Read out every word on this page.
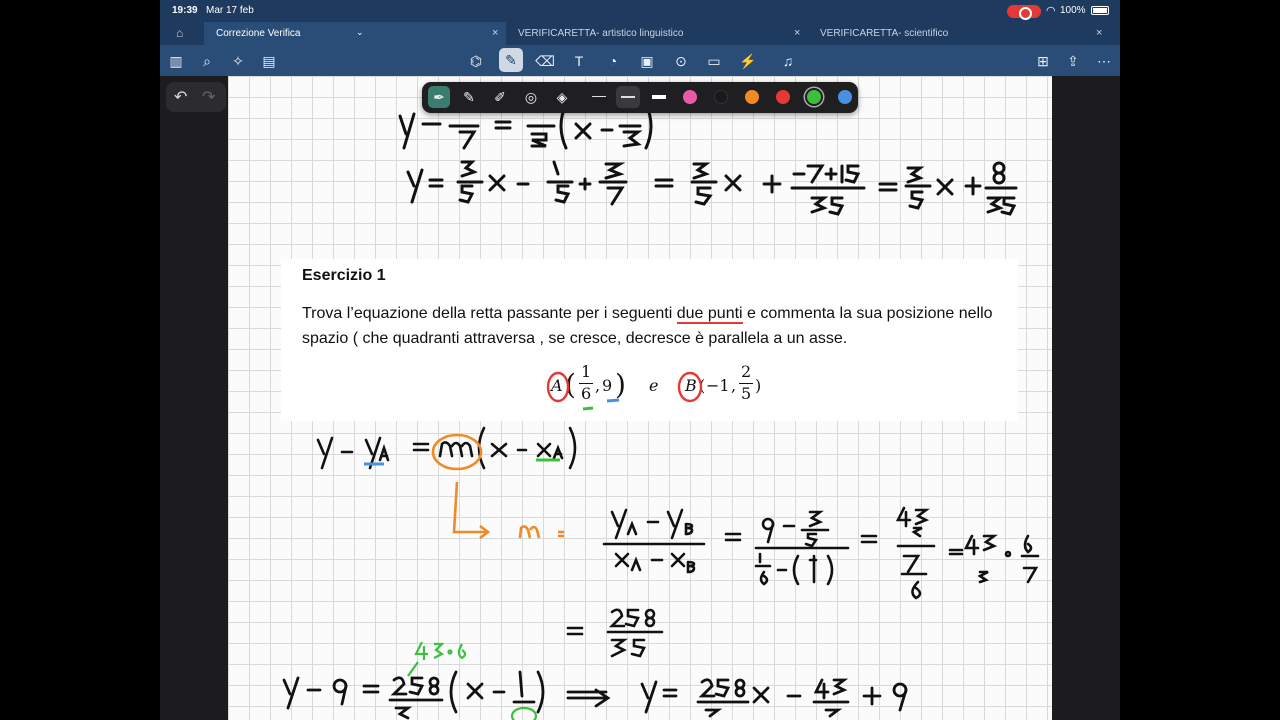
19:39 Mar 17 feb	◠ 100%
⌂	Correzione Verifica	⌄	× VERIFICARETTA- artistico linguistico	× VERIFICARETTA- scientifico	×
▥	⌕	✧ ▤	⌬	✎	⌫	T	◔	▣ ⊙ ▭ ⚡	♫	⊞ ⇪ ⋯
↶ ↷
Esercizio 1
Trova l’equazione della retta passante per i seguenti due punti e commenta la sua posizione nello spazio ( che quadranti attraversa , se cresce, decresce è parallela a un asse.
A ( 1
6 , 9 ) e B ( −1 ,
2
5 )
✒	✎	✐	◎	◈
